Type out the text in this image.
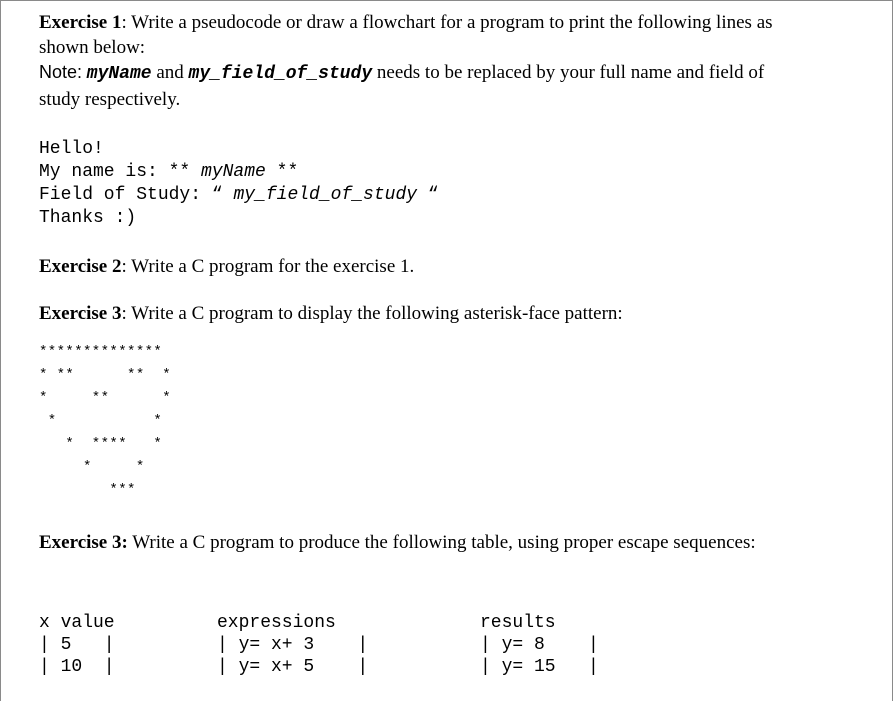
Exercise 1: Write a pseudocode or draw a flowchart for a program to print the following lines as

shown below:

Note: myName and my_field_of_study needs to be replaced by your full name and field of

study respectively.

Hello!
My name is: ** myName **
Field of Study: “ my_field_of_study “
Thanks :)

Exercise 2: Write a C program for the exercise 1.

Exercise 3: Write a C program to display the following asterisk-face pattern:

**************
* **      **  *
*     **      *
*           *
*  ****   *
*     *
***

Exercise 3: Write a C program to produce the following table, using proper escape sequences:

x value
| 5   |
| 10  |

expressions
| y= x+ 3    |
| y= x+ 5    |

results
| y= 8    |
| y= 15   |
